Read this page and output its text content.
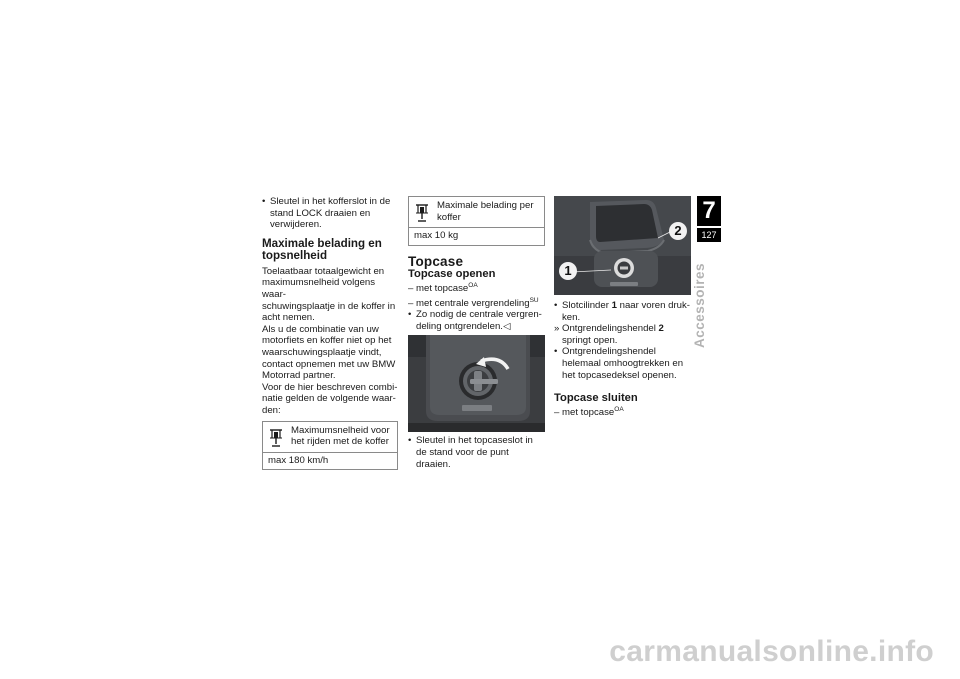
• Sleutel in het kofferslot in de stand LOCK draaien en verwijderen.

Maximale belading en topsnelheid

Toelaatbaar totaalgewicht en
maximumsnelheid volgens waar-
schuwingsplaatje in de koffer in
acht nemen.
Als u de combinatie van uw
motorfiets en koffer niet op het
waarschuwingsplaatje vindt,
contact opnemen met uw BMW
Motorrad partner.
Voor de hier beschreven combi-
natie gelden de volgende waar-
den:

Maximumsnelheid voor het rijden met de koffer
max 180 km/h
Maximale belading per koffer
max 10 kg
Topcase
Topcase openen

– met topcase$^{OA}$

– met centrale vergrendeling$^{SU}$

• Zo nodig de centrale vergrendeling ontgrendelen.◁

• Sleutel in het topcaseslot in de stand voor de punt draaien.

1
2

• Slotcilinder 1 naar voren drukken.

» Ontgrendelingshendel 2 springt open.

• Ontgrendelingshendel helemaal omhoogtrekken en het topcasedeksel openen.

Topcase sluiten

– met topcase$^{OA}$

7
127
Accessoires
carmanualsonline.info
